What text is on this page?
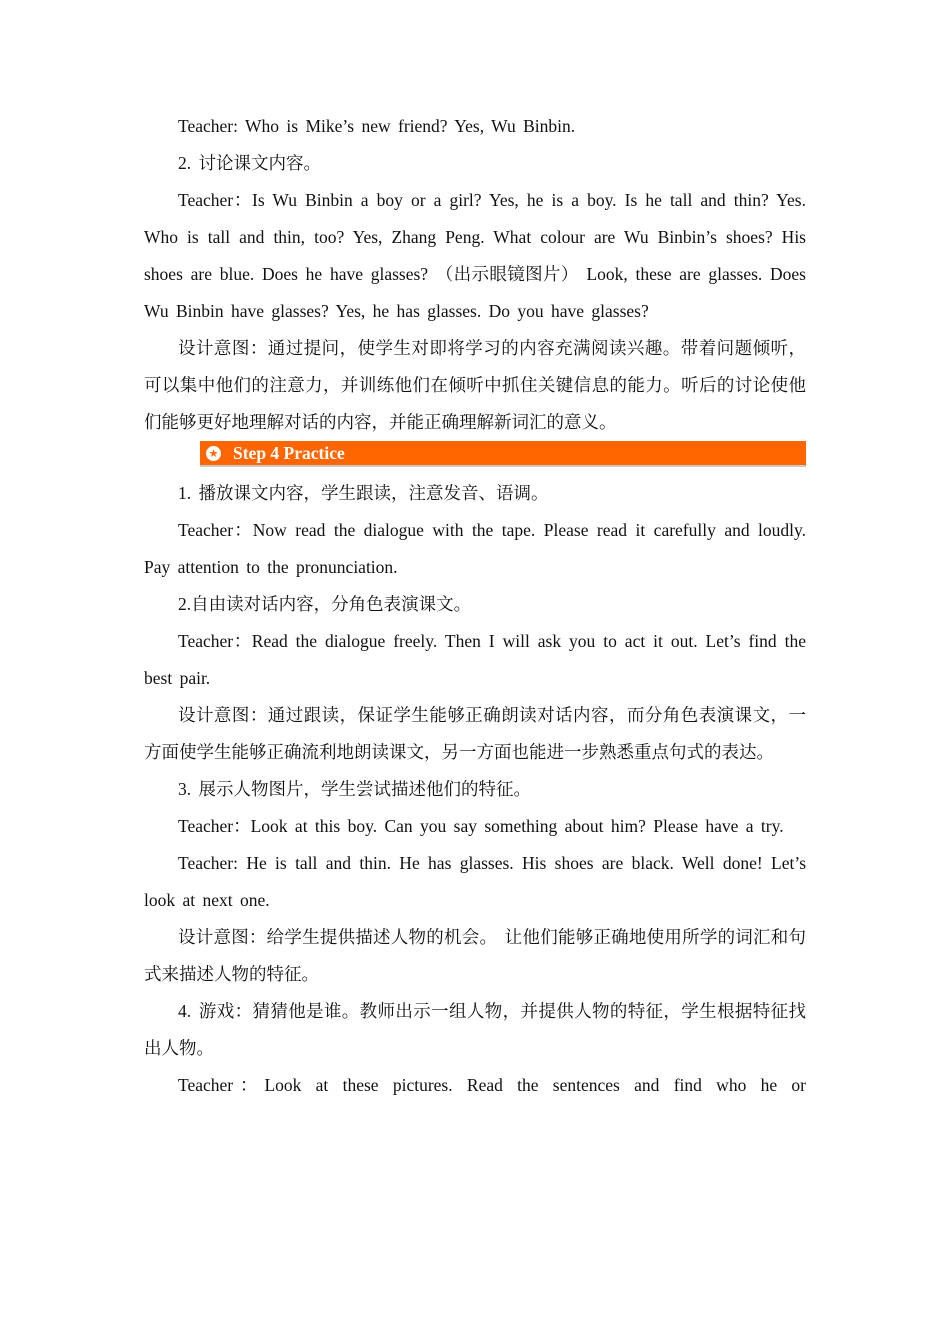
Teacher: Who is Mike’s new friend? Yes, Wu Binbin.

2. 讨论课文内容。

Teacher：Is Wu Binbin a boy or a girl? Yes, he is a boy. Is he tall and thin? Yes. Who is tall and thin, too? Yes, Zhang Peng. What colour are Wu Binbin’s shoes? His shoes are blue. Does he have glasses? （出示眼镜图片） Look, these are glasses. Does Wu Binbin have glasses? Yes, he has glasses. Do you have glasses?

设计意图：通过提问，使学生对即将学习的内容充满阅读兴趣。带着问题倾听，可以集中他们的注意力，并训练他们在倾听中抓住关键信息的能力。听后的讨论使他们能够更好地理解对话的内容，并能正确理解新词汇的意义。

★ Step 4 Practice

1. 播放课文内容，学生跟读，注意发音、语调。

Teacher：Now read the dialogue with the tape. Please read it carefully and loudly. Pay attention to the pronunciation.

2.自由读对话内容，分角色表演课文。

Teacher：Read the dialogue freely. Then I will ask you to act it out. Let’s find the best pair.

设计意图：通过跟读，保证学生能够正确朗读对话内容，而分角色表演课文，一方面使学生能够正确流利地朗读课文，另一方面也能进一步熟悉重点句式的表达。

3. 展示人物图片，学生尝试描述他们的特征。

Teacher：Look at this boy. Can you say something about him? Please have a try.

Teacher: He is tall and thin. He has glasses. His shoes are black. Well done! Let’s look at next one.

设计意图：给学生提供描述人物的机会。 让他们能够正确地使用所学的词汇和句式来描述人物的特征。

4. 游戏：猜猜他是谁。教师出示一组人物，并提供人物的特征，学生根据特征找出人物。

Teacher：Look at these pictures. Read the sentences and find who he or
